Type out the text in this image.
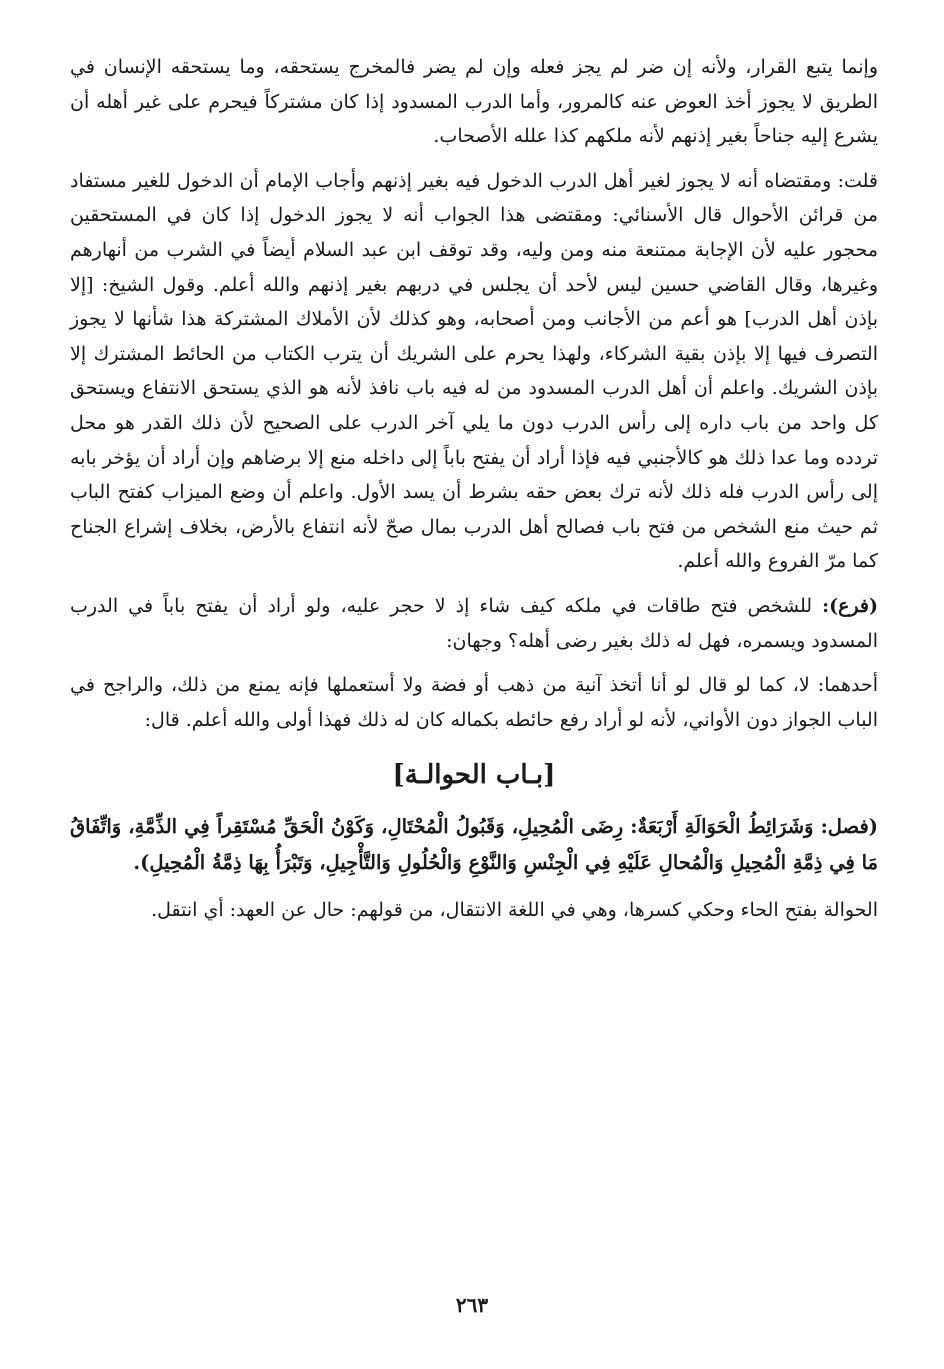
وإنما يتبع القرار، ولأنه إن ضر لم يجز فعله وإن لم يضر فالمخرج يستحقه، وما يستحقه الإنسان في الطريق لا يجوز أخذ العوض عنه كالمرور، وأما الدرب المسدود إذا كان مشتركاً فيحرم على غير أهله أن يشرع إليه جناحاً بغير إذنهم لأنه ملكهم كذا علله الأصحاب.

قلت: ومقتضاه أنه لا يجوز لغير أهل الدرب الدخول فيه بغير إذنهم وأجاب الإمام أن الدخول للغير مستفاد من قرائن الأحوال قال الأسنائي: ومقتضى هذا الجواب أنه لا يجوز الدخول إذا كان في المستحقين محجور عليه لأن الإجابة ممتنعة منه ومن وليه، وقد توقف ابن عبد السلام أيضاً في الشرب من أنهارهم وغيرها، وقال القاضي حسين ليس لأحد أن يجلس في دربهم بغير إذنهم والله أعلم. وقول الشيخ: [إلا بإذن أهل الدرب] هو أعم من الأجانب ومن أصحابه، وهو كذلك لأن الأملاك المشتركة هذا شأنها لا يجوز التصرف فيها إلا بإذن بقية الشركاء، ولهذا يحرم على الشريك أن يترب الكتاب من الحائط المشترك إلا بإذن الشريك. واعلم أن أهل الدرب المسدود من له فيه باب نافذ لأنه هو الذي يستحق الانتفاع ويستحق كل واحد من باب داره إلى رأس الدرب دون ما يلي آخر الدرب على الصحيح لأن ذلك القدر هو محل تردده وما عدا ذلك هو كالأجنبي فيه فإذا أراد أن يفتح باباً إلى داخله منع إلا برضاهم وإن أراد أن يؤخر بابه إلى رأس الدرب فله ذلك لأنه ترك بعض حقه بشرط أن يسد الأول. واعلم أن وضع الميزاب كفتح الباب ثم حيث منع الشخص من فتح باب فصالح أهل الدرب بمال صحّ لأنه انتفاع بالأرض، بخلاف إشراع الجناح كما مرّ الفروع والله أعلم.

(فرع): للشخص فتح طاقات في ملكه كيف شاء إذ لا حجر عليه، ولو أراد أن يفتح باباً في الدرب المسدود ويسمره، فهل له ذلك بغير رضى أهله؟ وجهان:

أحدهما: لا، كما لو قال لو أنا أتخذ آنية من ذهب أو فضة ولا أستعملها فإنه يمنع من ذلك، والراجح في الباب الجواز دون الأواني، لأنه لو أراد رفع حائطه بكماله كان له ذلك فهذا أولى والله أعلم. قال:

[بـاب الحوالـة]

(فصل: وَشَرَائِطُ الْحَوَالَةِ أَرْبَعَةٌ: رِضَى الْمُحِيلِ، وَقَبُولُ الْمُحْتَالِ، وَكَوْنُ الْحَقِّ مُسْتَقِراً فِي الذِّمَّةِ، وَاتِّفَاقُ مَا فِي ذِمَّةِ الْمُحِيلِ وَالْمُحالِ عَلَيْهِ فِي الْجِنْسِ وَالنَّوْعِ وَالْحُلُولِ وَالتَّأْجِيلِ، وَتَبْرَأُ بِهَا ذِمَّةُ الْمُحِيلِ).

الحوالة بفتح الحاء وحكي كسرها، وهي في اللغة الانتقال، من قولهم: حال عن العهد: أي انتقل.

٢٦٣
